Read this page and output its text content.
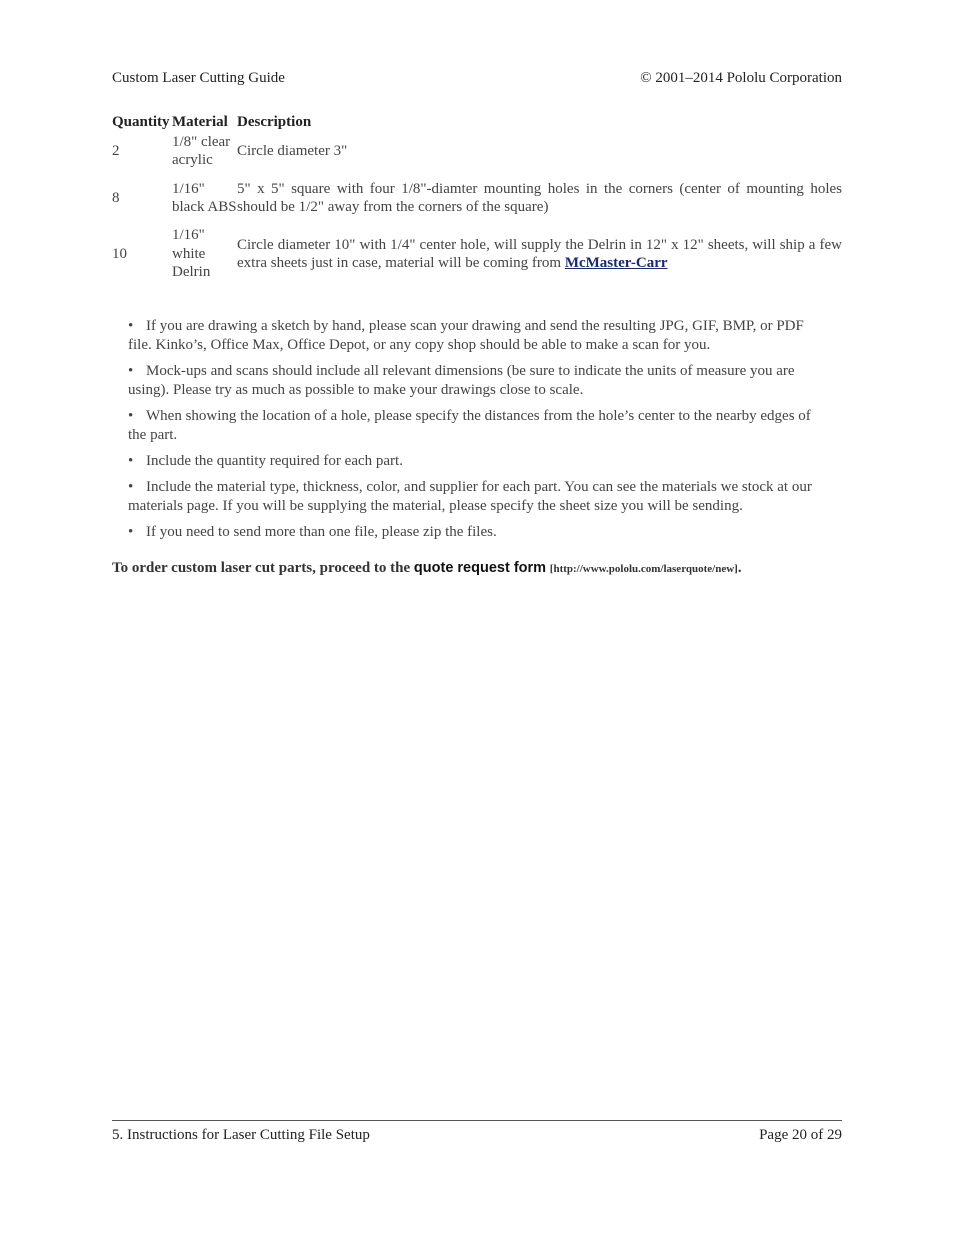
Custom Laser Cutting Guide	© 2001–2014 Pololu Corporation
Quantity	Material	Description
2	1/8" clear acrylic	Circle diameter 3"
8	1/16" black ABS	5" x 5" square with four 1/8"-diamter mounting holes in the corners (center of mounting holes should be 1/2" away from the corners of the square)
10	1/16" white Delrin	Circle diameter 10" with 1/4" center hole, will supply the Delrin in 12" x 12" sheets, will ship a few extra sheets just in case, material will be coming from McMaster-Carr
• If you are drawing a sketch by hand, please scan your drawing and send the resulting JPG, GIF, BMP, or PDF file. Kinko’s, Office Max, Office Depot, or any copy shop should be able to make a scan for you.
• Mock-ups and scans should include all relevant dimensions (be sure to indicate the units of measure you are using). Please try as much as possible to make your drawings close to scale.
• When showing the location of a hole, please specify the distances from the hole’s center to the nearby edges of the part.
• Include the quantity required for each part.
• Include the material type, thickness, color, and supplier for each part. You can see the materials we stock at our materials page. If you will be supplying the material, please specify the sheet size you will be sending.
• If you need to send more than one file, please zip the files.
To order custom laser cut parts, proceed to the quote request form [http://www.pololu.com/laserquote/new].
5. Instructions for Laser Cutting File Setup	Page 20 of 29
